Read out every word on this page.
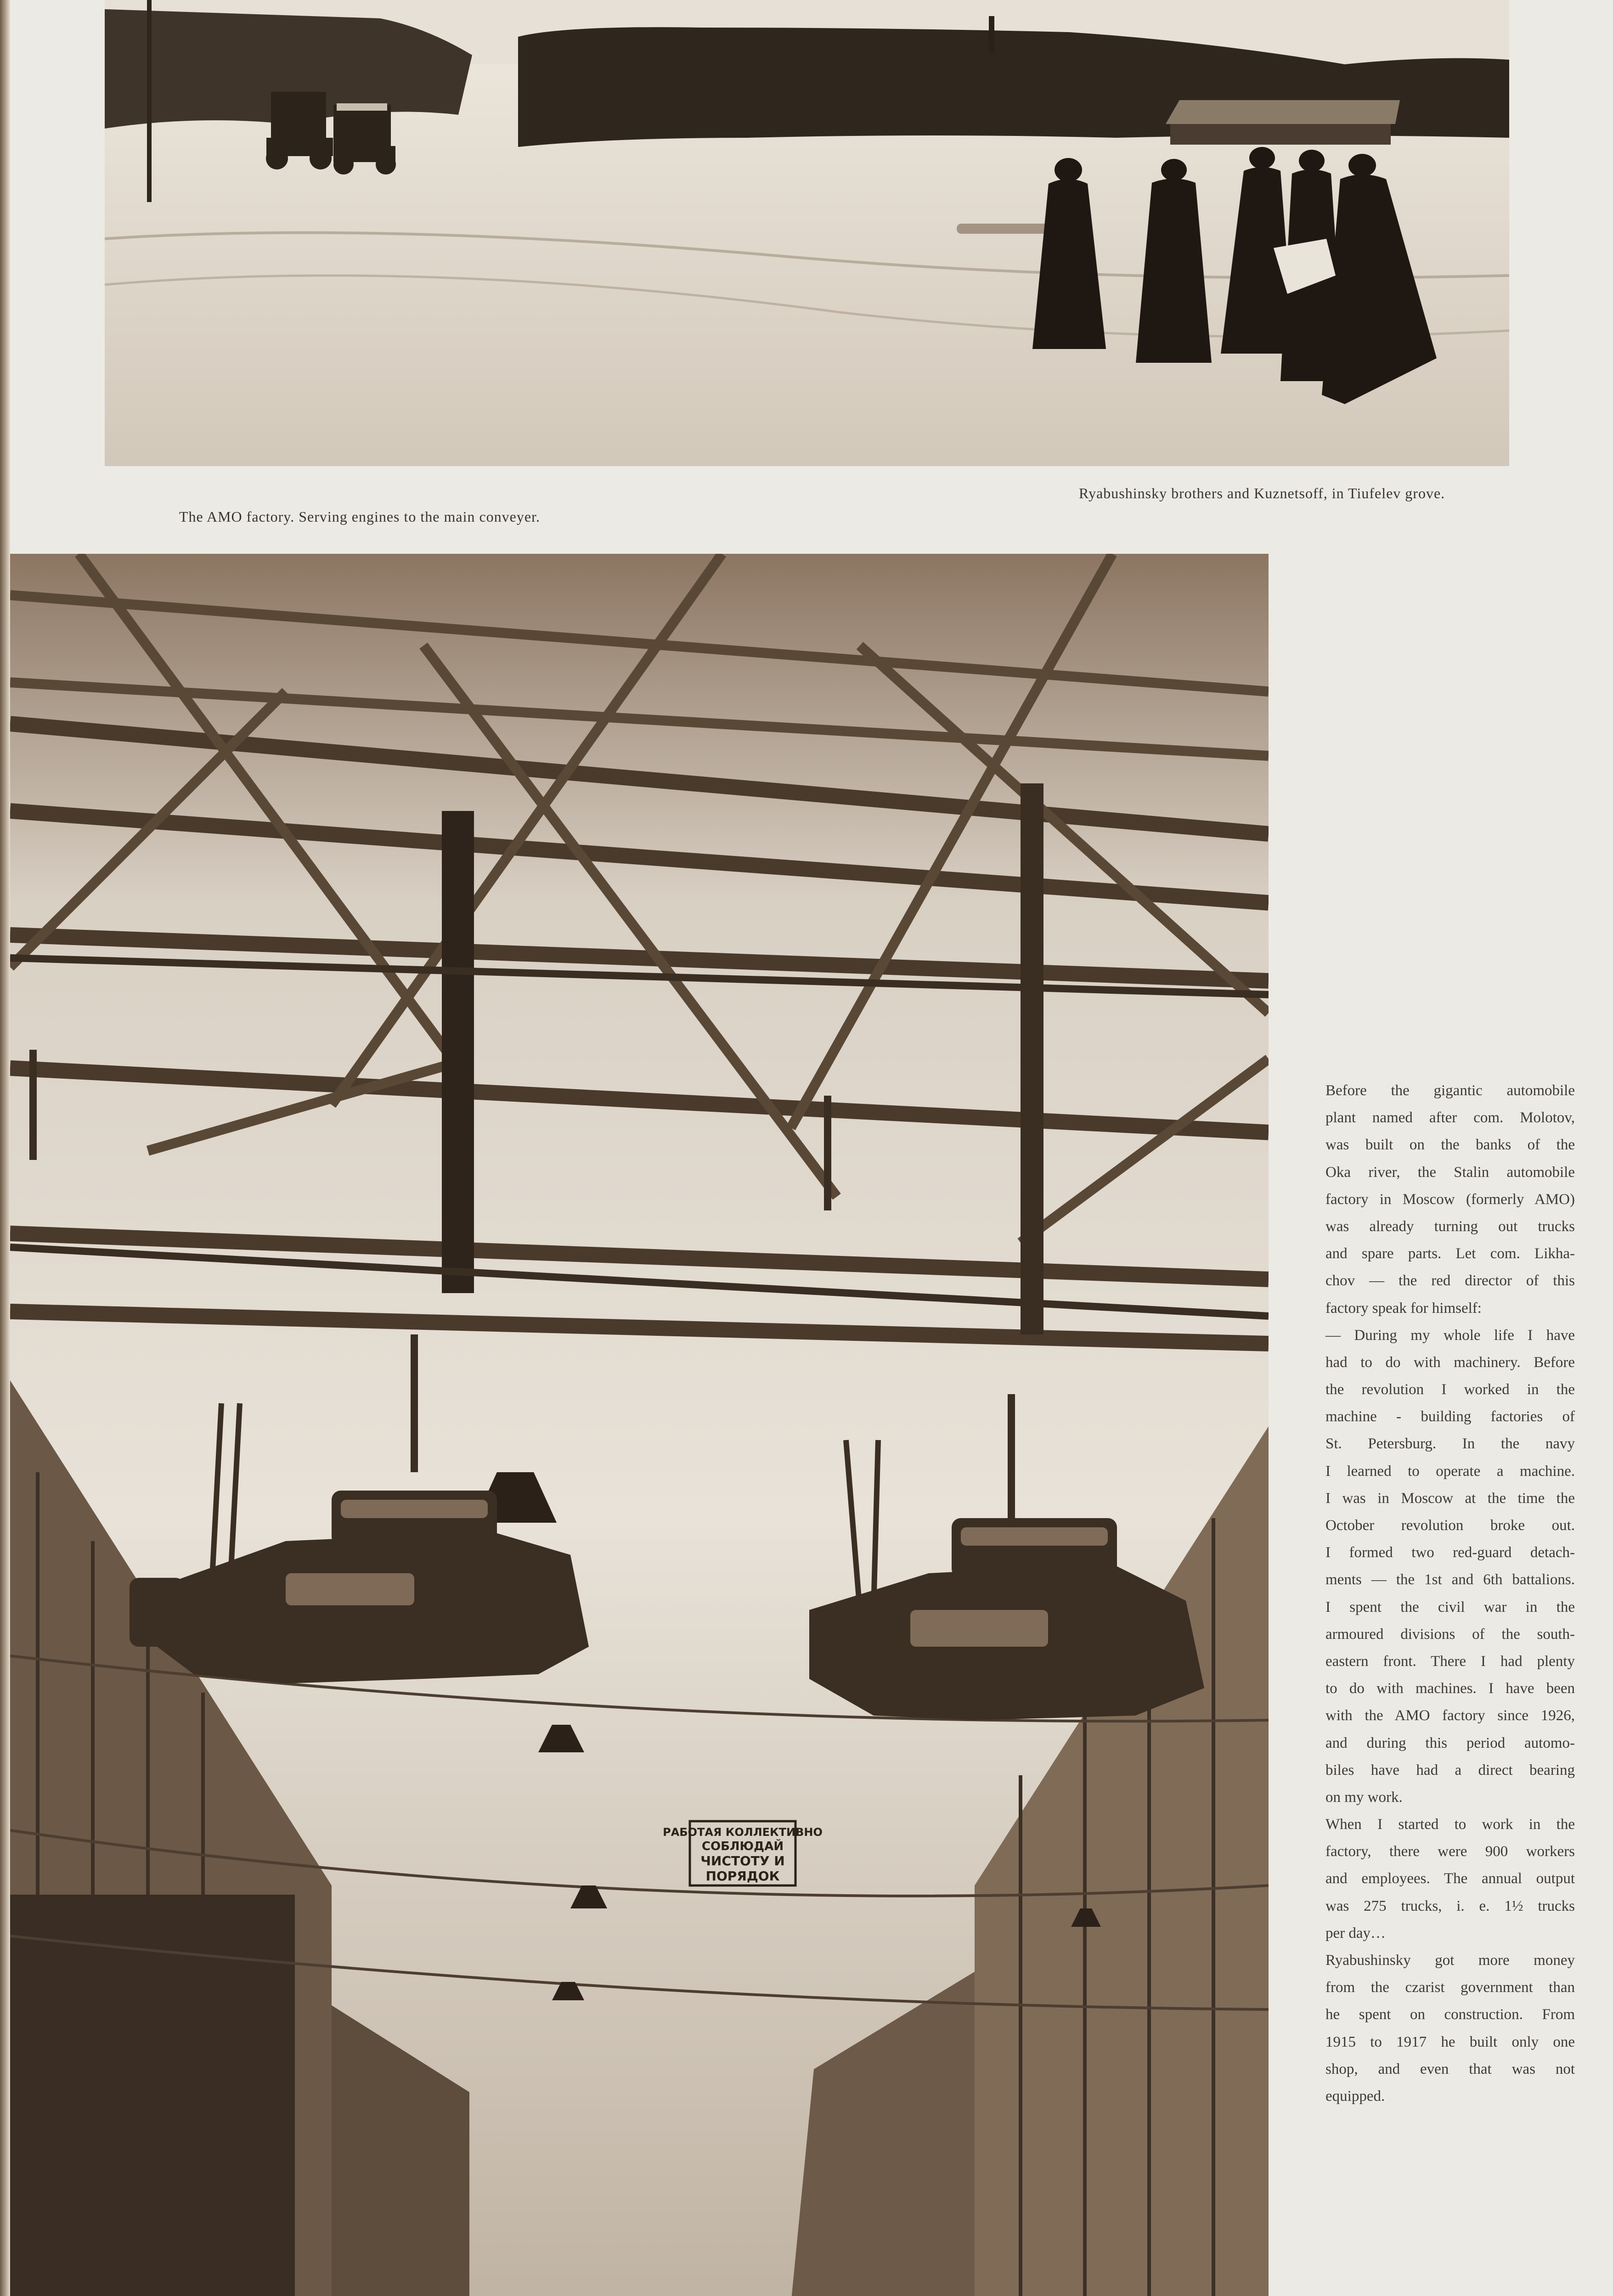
Ryabushinsky brothers and Kuznetsoff, in Tiufelev grove.
The AMO factory. Serving engines to the main conveyer.
РАБОТАЯ КОЛЛЕКТИВНО
СОБЛЮДАЙ
ЧИСТОТУ И
ПОРЯДОК
Before the gigantic automobile
plant named after com. Molotov,
was built on the banks of the
Oka river, the Stalin automobile
factory in Moscow (formerly AMO)
was already turning out trucks
and spare parts. Let com. Likha-
chov — the red director of this
factory speak for himself:
— During my whole life I have
had to do with machinery. Before
the revolution I worked in the
machine - building factories of
St. Petersburg. In the navy
I learned to operate a machine.
I was in Moscow at the time the
October revolution broke out.
I formed two red-guard detach-
ments — the 1st and 6th battalions.
I spent the civil war in the
armoured divisions of the south-
eastern front. There I had plenty
to do with machines. I have been
with the AMO factory since 1926,
and during this period automo-
biles have had a direct bearing
on my work.
When I started to work in the
factory, there were 900 workers
and employees. The annual output
was 275 trucks, i. e. 1½ trucks
per day…
Ryabushinsky got more money
from the czarist government than
he spent on construction. From
1915 to 1917 he built only one
shop, and even that was not
equipped.
